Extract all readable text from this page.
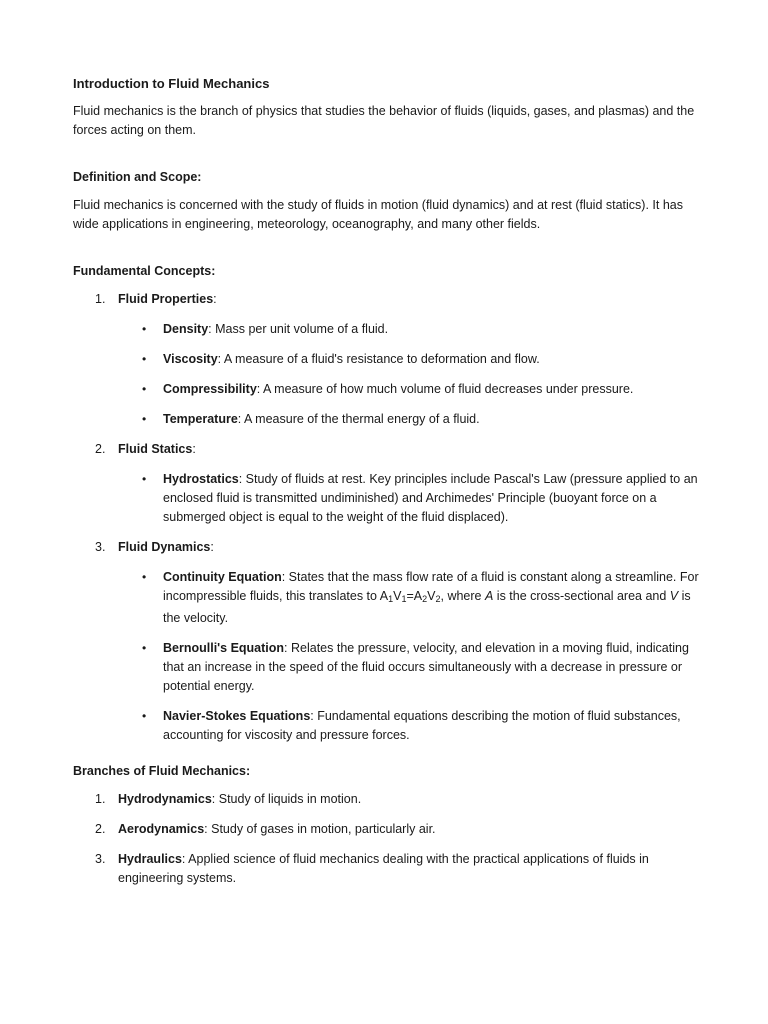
Introduction to Fluid Mechanics

Fluid mechanics is the branch of physics that studies the behavior of fluids (liquids, gases, and plasmas) and the forces acting on them.

Definition and Scope:

Fluid mechanics is concerned with the study of fluids in motion (fluid dynamics) and at rest (fluid statics). It has wide applications in engineering, meteorology, oceanography, and many other fields.

Fundamental Concepts:

1. Fluid Properties:

• Density: Mass per unit volume of a fluid.
• Viscosity: A measure of a fluid's resistance to deformation and flow.
• Compressibility: A measure of how much volume of fluid decreases under pressure.
• Temperature: A measure of the thermal energy of a fluid.
2. Fluid Statics:

• Hydrostatics: Study of fluids at rest. Key principles include Pascal's Law (pressure applied to an enclosed fluid is transmitted undiminished) and Archimedes' Principle (buoyant force on a submerged object is equal to the weight of the fluid displaced).
3. Fluid Dynamics:

• Continuity Equation: States that the mass flow rate of a fluid is constant along a streamline. For incompressible fluids, this translates to $A_1V_1=A_2V_2$, where A is the cross-sectional area and V is the velocity.
• Bernoulli's Equation: Relates the pressure, velocity, and elevation in a moving fluid, indicating that an increase in the speed of the fluid occurs simultaneously with a decrease in pressure or potential energy.
• Navier-Stokes Equations: Fundamental equations describing the motion of fluid substances, accounting for viscosity and pressure forces.

Branches of Fluid Mechanics:

1. Hydrodynamics: Study of liquids in motion.

2. Aerodynamics: Study of gases in motion, particularly air.

3. Hydraulics: Applied science of fluid mechanics dealing with the practical applications of fluids in engineering systems.
